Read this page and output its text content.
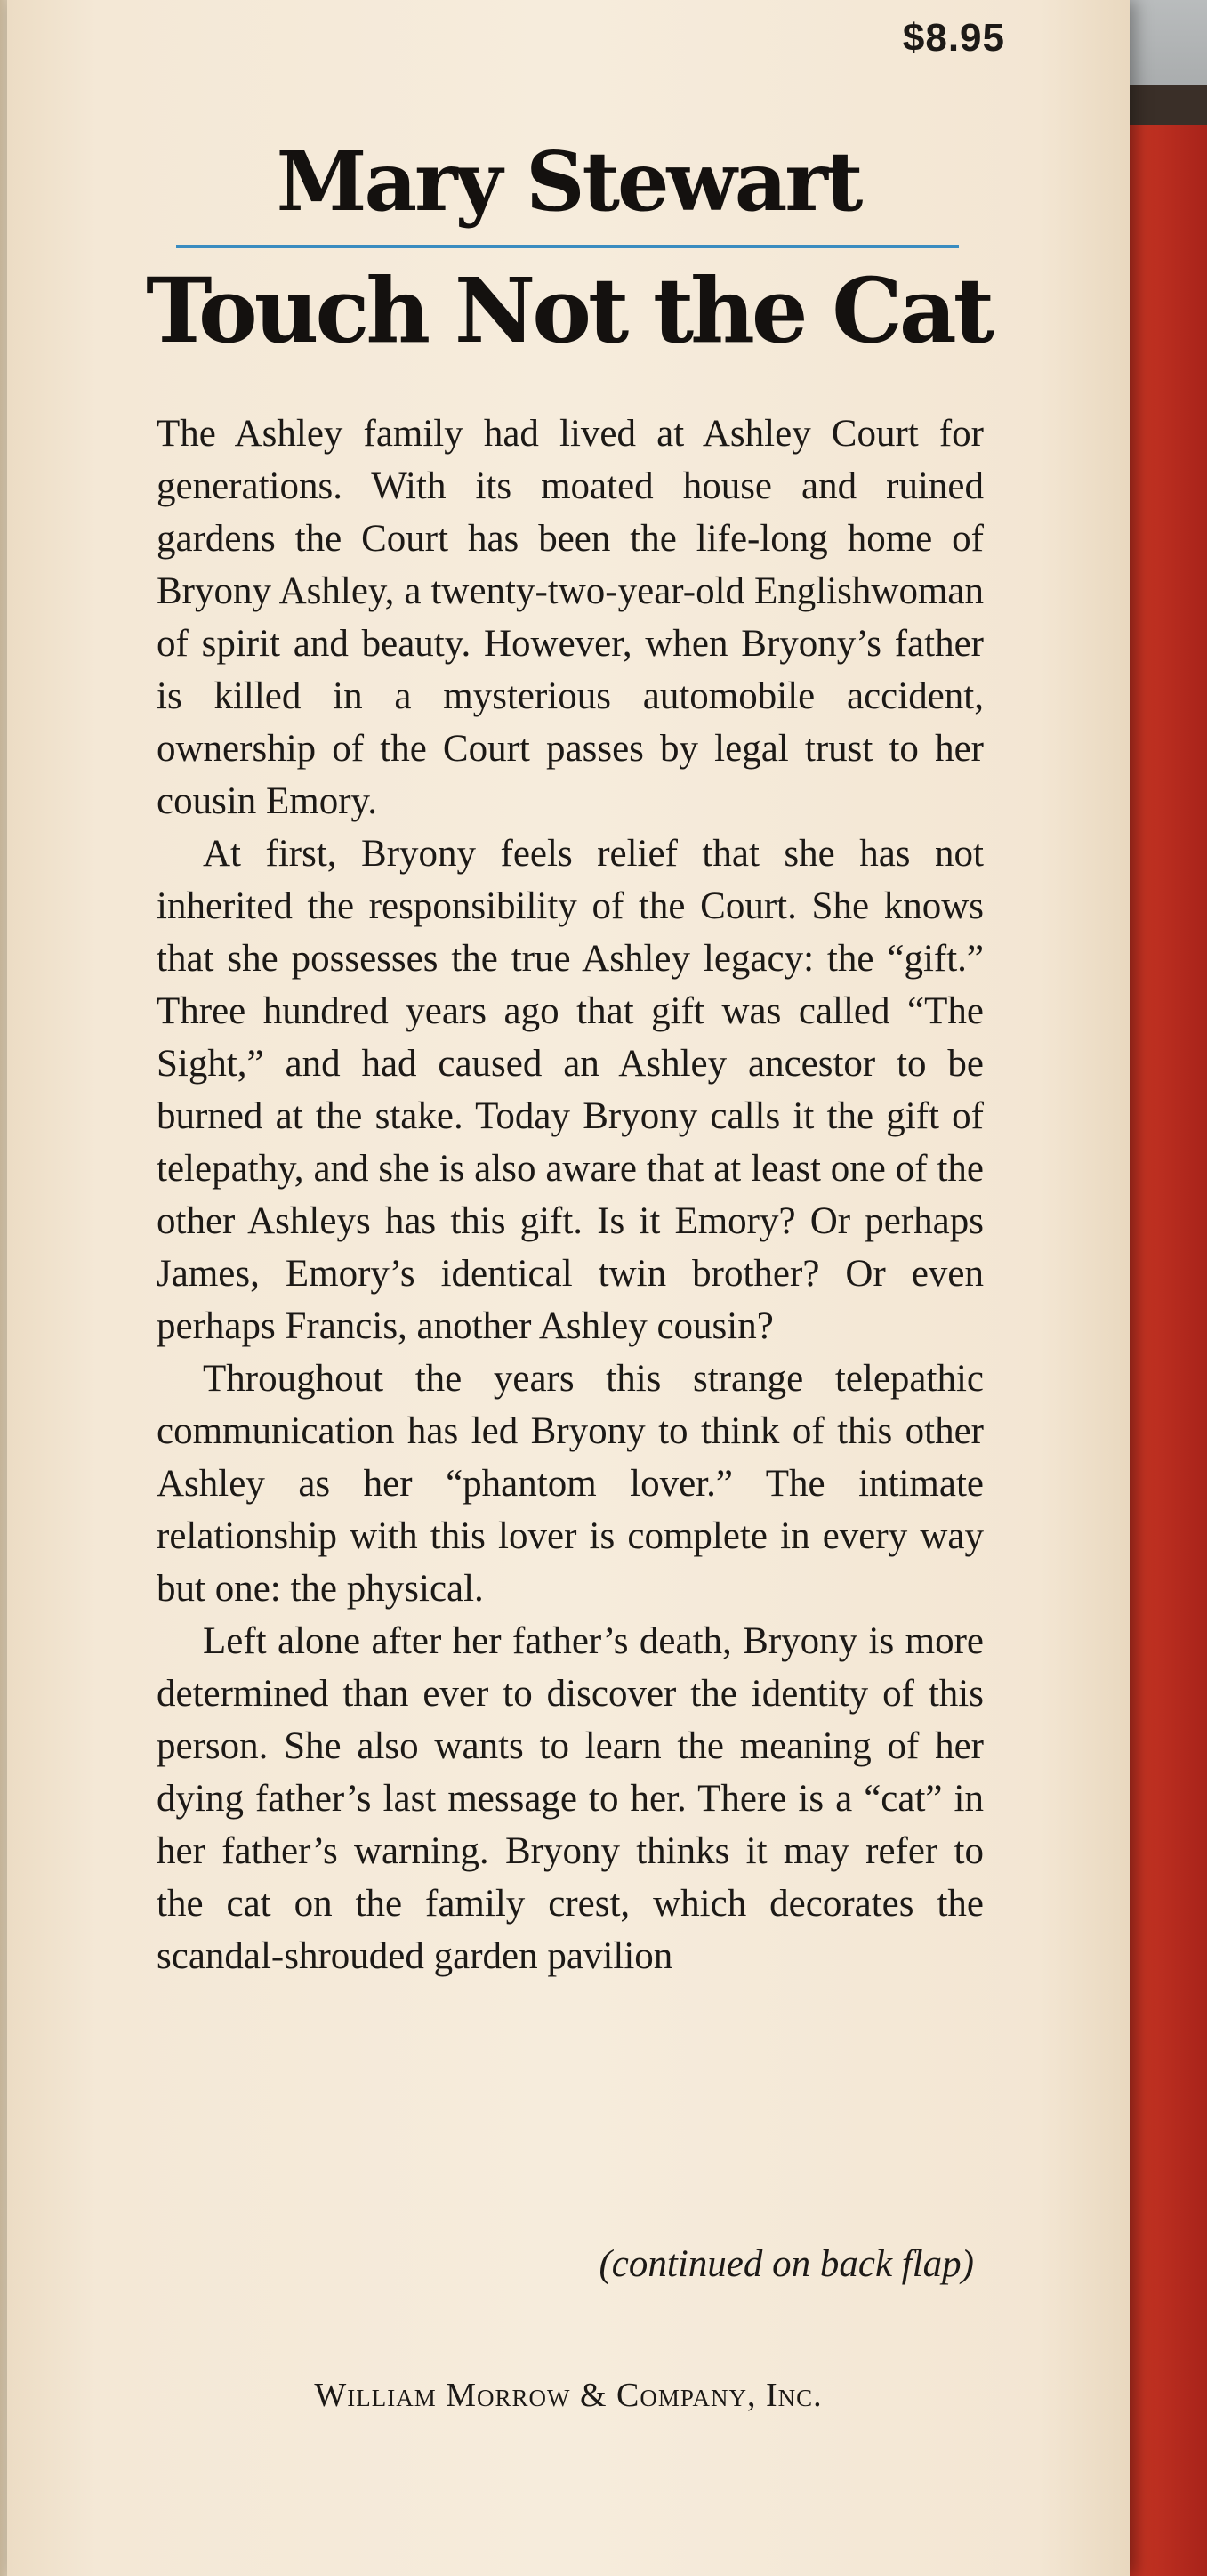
$8.95
Mary Stewart
Touch Not the Cat

The Ashley family had lived at Ashley Court for generations. With its moated house and ruined gardens the Court has been the life-long home of Bryony Ashley, a twenty-two-year-old Englishwoman of spirit and beauty. However, when Bryony’s father is killed in a mysterious automobile accident, ownership of the Court passes by legal trust to her cousin Emory.

At first, Bryony feels relief that she has not inherited the responsibility of the Court. She knows that she possesses the true Ashley legacy: the “gift.” Three hundred years ago that gift was called “The Sight,” and had caused an Ashley ancestor to be burned at the stake. Today Bryony calls it the gift of telepathy, and she is also aware that at least one of the other Ashleys has this gift. Is it Emory? Or perhaps James, Emory’s identical twin brother? Or even perhaps Francis, another Ashley cousin?

Throughout the years this strange telepathic communication has led Bryony to think of this other Ashley as her “phantom lover.” The intimate relationship with this lover is complete in every way but one: the physical.

Left alone after her father’s death, Bryony is more determined than ever to discover the identity of this person. She also wants to learn the meaning of her dying father’s last message to her. There is a “cat” in her father’s warning. Bryony thinks it may refer to the cat on the family crest, which decorates the scandal-shrouded garden pavilion

(continued on back flap)
William Morrow & Company, Inc.
